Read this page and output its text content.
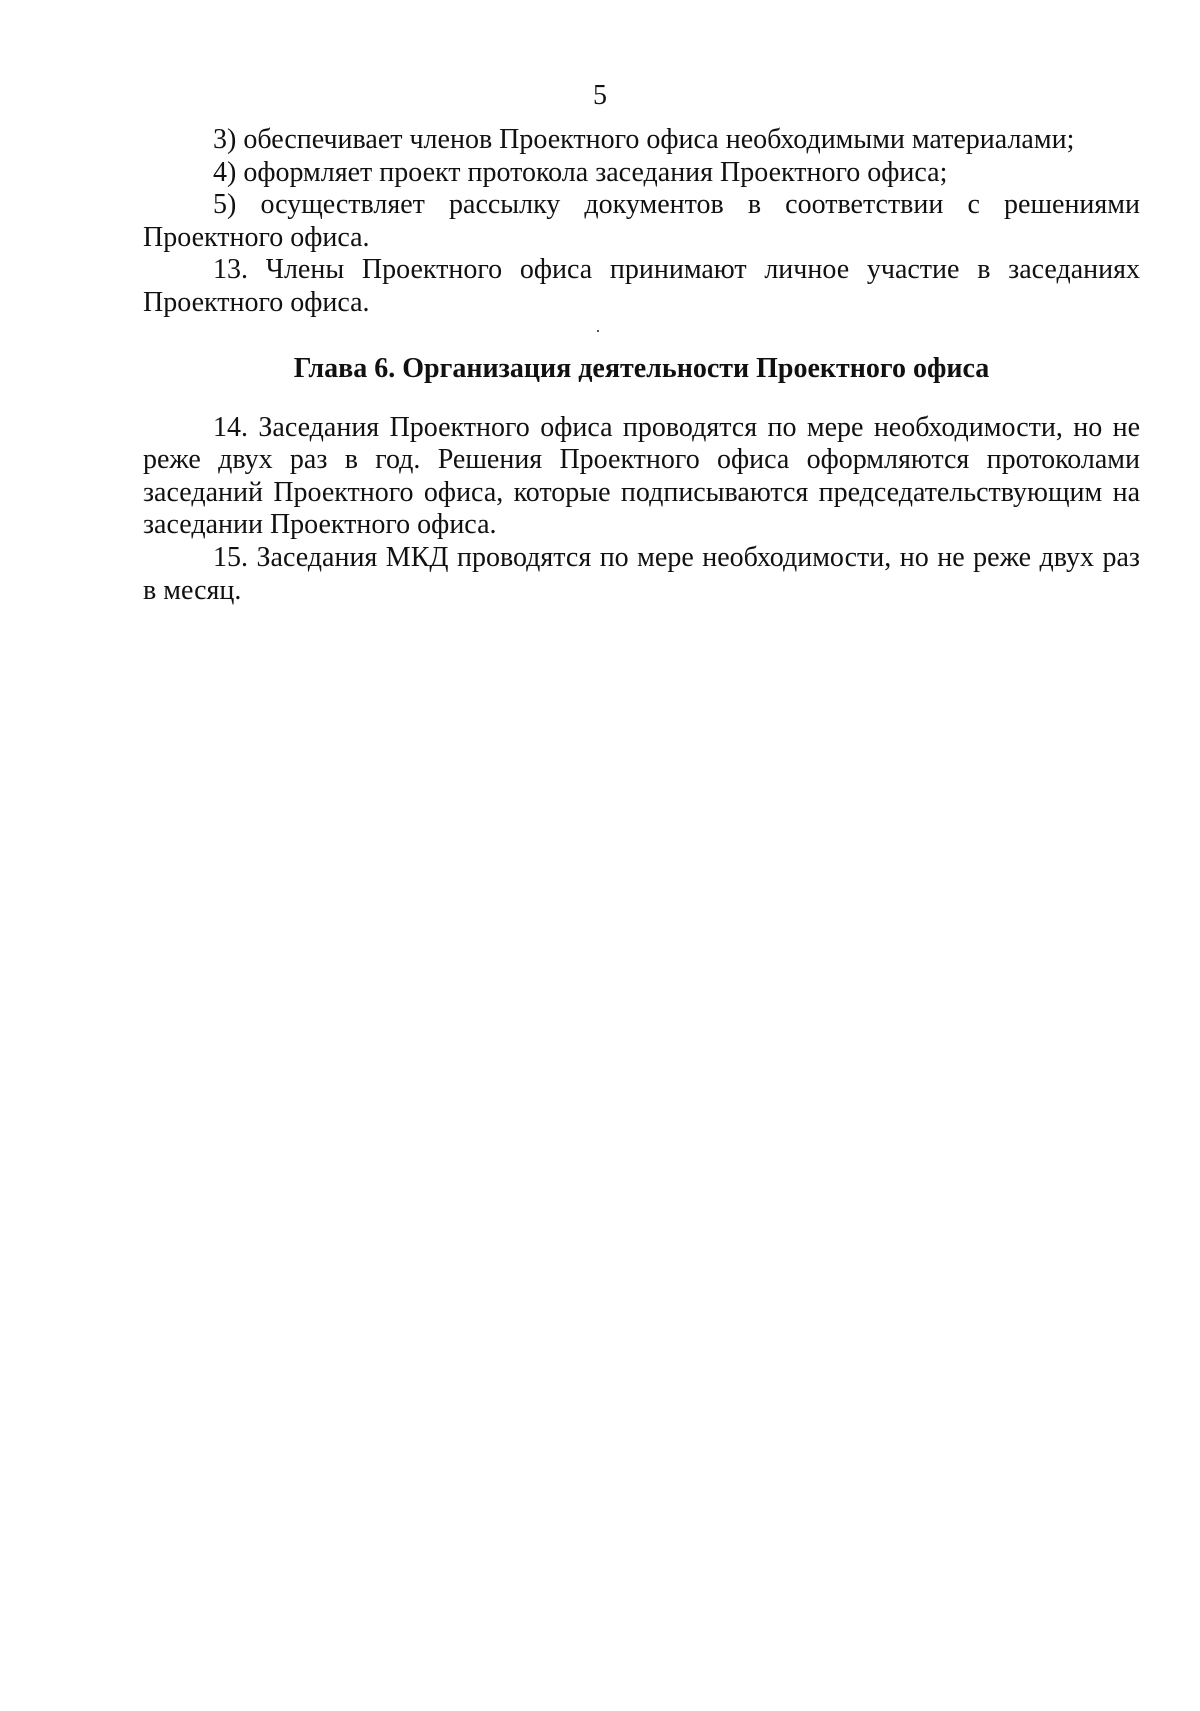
5

3) обеспечивает членов Проектного офиса необходимыми материалами;

4) оформляет проект протокола заседания Проектного офиса;

5) осуществляет рассылку документов в соответствии с решениями Проектного офиса.

13. Члены Проектного офиса принимают личное участие в заседаниях Проектного офиса.

Глава 6. Организация деятельности Проектного офиса

14. Заседания Проектного офиса проводятся по мере необходимости, но не реже двух раз в год. Решения Проектного офиса оформляются протоколами заседаний Проектного офиса, которые подписываются председательствующим на заседании Проектного офиса.

15. Заседания МКД проводятся по мере необходимости, но не реже двух раз в месяц.
